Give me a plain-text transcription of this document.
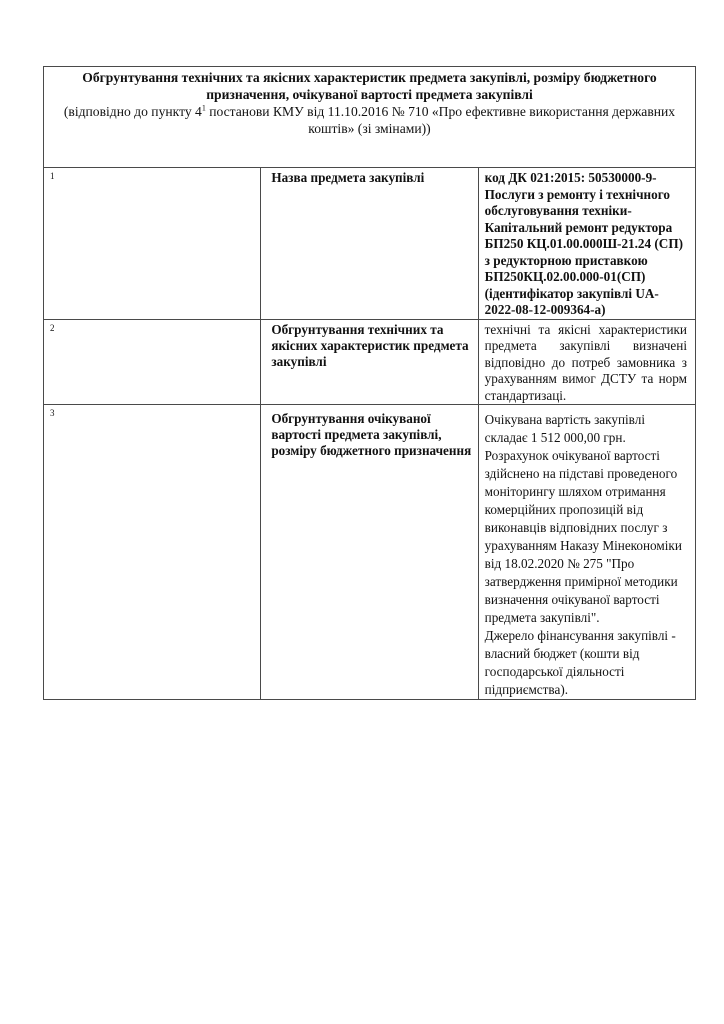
Обгрунтування технічних та якісних характеристик предмета закупівлі, розміру бюджетного призначення, очікуваної вартості предмета закупівлі
(відповідно до пункту $4^1$ постанови КМУ від 11.10.2016 № 710 «Про ефективне використання державних коштів» (зі змінами))		

1	Назва предмета закупівлі	код ДК 021:2015: 50530000-9- Послуги з ремонту і технічного обслуговування техніки- Капітальний ремонт редуктора БП250 КЦ.01.00.000Ш-21.24 (СП) з редукторною приставкою БП250КЦ.02.00.000-01(СП) (ідентифікатор закупівлі UA-2022-08-12-009364-а)
2	Обгрунтування технічних та якісних характеристик предмета закупівлі	технічні та якісні характеристики предмета закупівлі визначені відповідно до потреб замовника з урахуванням вимог ДСТУ та норм стандартизаці.
3	Обгрунтування очікуваної вартості предмета закупівлі, розміру бюджетного призначення	Очікувана вартість закупівлі складає 1 512 000,00 грн.
Розрахунок очікуваної вартості здійснено на підставі проведеного моніторингу шляхом отримання комерційних пропозицій від виконавців відповідних послуг з урахуванням Наказу Мінекономіки від 18.02.2020 № 275 "Про затвердження примірної методики визначення очікуваної вартості предмета закупівлі".
Джерело фінансування закупівлі - власний бюджет (кошти від господарської діяльності підприємства).
